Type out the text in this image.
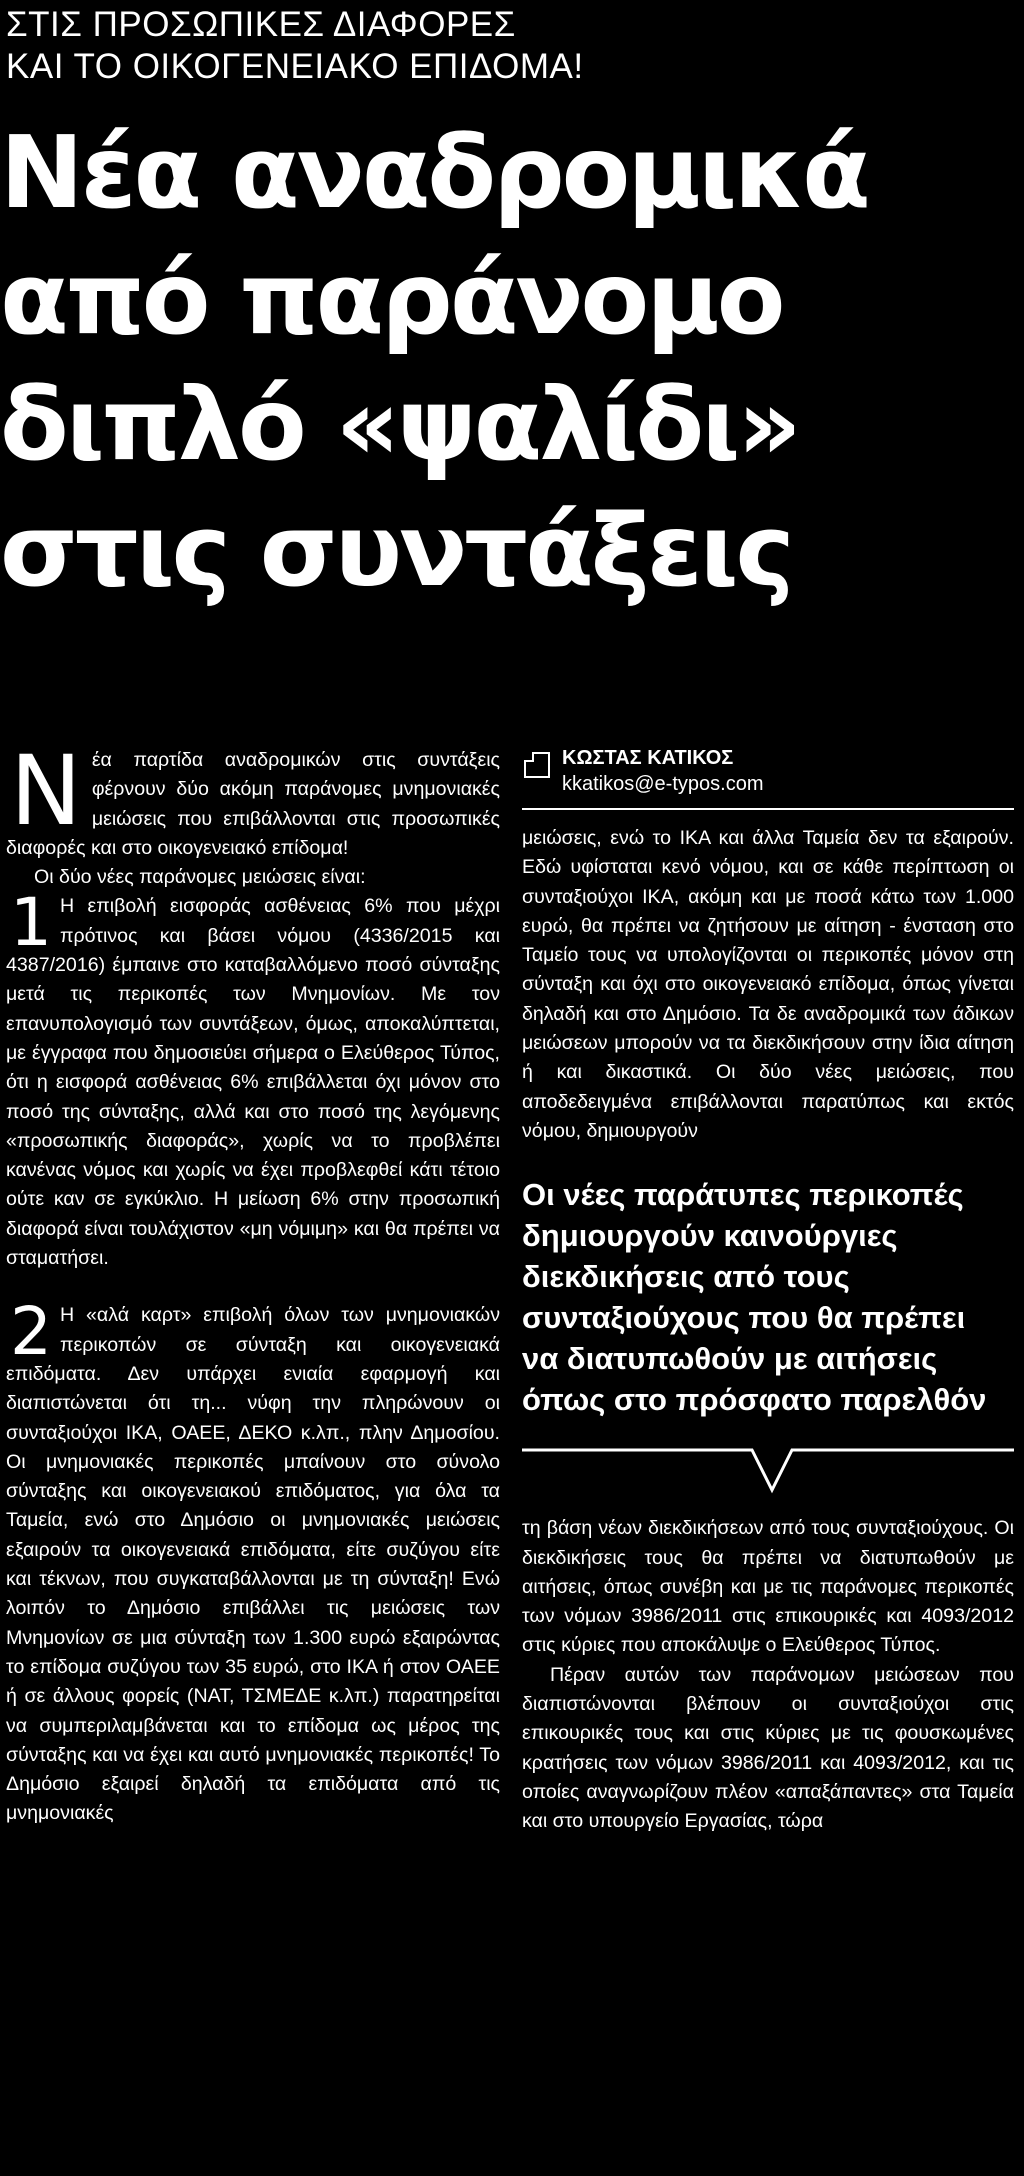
ΣΤΙΣ ΠΡΟΣΩΠΙΚΕΣ ΔΙΑΦΟΡΕΣ
ΚΑΙ ΤΟ ΟΙΚΟΓΕΝΕΙΑΚΟ ΕΠΙΔΟΜΑ!
Νέα αναδρομικά
από παράνομο
διπλό «ψαλίδι»
στις συντάξεις

Ν έα παρτίδα αναδρομικών στις συντάξεις φέρνουν δύο ακόμη παράνομες μνημονιακές μειώσεις που επιβάλλονται στις προσωπικές διαφορές και στο οικογενειακό επίδομα!

Οι δύο νέες παράνομες μειώσεις είναι:

1 Η επιβολή εισφοράς ασθένειας 6% που μέχρι πρότινος και βάσει νόμου (4336/2015 και 4387/2016) έμπαινε στο καταβαλλόμενο ποσό σύνταξης μετά τις περικοπές των Μνημονίων. Με τον επανυπολογισμό των συντάξεων, όμως, αποκαλύπτεται, με έγγραφα που δημοσιεύει σήμερα ο Ελεύθερος Τύπος, ότι η εισφορά ασθένειας 6% επιβάλλεται όχι μόνον στο ποσό της σύνταξης, αλλά και στο ποσό της λεγόμενης «προσωπικής διαφοράς», χωρίς να το προβλέπει κανένας νόμος και χωρίς να έχει προβλεφθεί κάτι τέτοιο ούτε καν σε εγκύκλιο. Η μείωση 6% στην προσωπική διαφορά είναι τουλάχιστον «μη νόμιμη» και θα πρέπει να σταματήσει.

2 Η «αλά καρτ» επιβολή όλων των μνημονιακών περικοπών σε σύνταξη και οικογενειακά επιδόματα. Δεν υπάρχει ενιαία εφαρμογή και διαπιστώνεται ότι τη... νύφη την πληρώνουν οι συνταξιούχοι ΙΚΑ, ΟΑΕΕ, ΔΕΚΟ κ.λπ., πλην Δημοσίου. Οι μνημονιακές περικοπές μπαίνουν στο σύνολο σύνταξης και οικογενειακού επιδόματος, για όλα τα Ταμεία, ενώ στο Δημόσιο οι μνημονιακές μειώσεις εξαιρούν τα οικογενειακά επιδόματα, είτε συζύγου είτε και τέκνων, που συγκαταβάλλονται με τη σύνταξη! Ενώ λοιπόν το Δημόσιο επιβάλλει τις μειώσεις των Μνημονίων σε μια σύνταξη των 1.300 ευρώ εξαιρώντας το επίδομα συζύγου των 35 ευρώ, στο ΙΚΑ ή στον ΟΑΕΕ ή σε άλλους φορείς (ΝΑΤ, ΤΣΜΕΔΕ κ.λπ.) παρατηρείται να συμπεριλαμβάνεται και το επίδομα ως μέρος της σύνταξης και να έχει και αυτό μνημονιακές περικοπές! Το Δημόσιο εξαιρεί δηλαδή τα επιδόματα από τις μνημονιακές

ΚΩΣΤΑΣ ΚΑΤΙΚΟΣ
kkatikos@e-typos.com

μειώσεις, ενώ το ΙΚΑ και άλλα Ταμεία δεν τα εξαιρούν. Εδώ υφίσταται κενό νόμου, και σε κάθε περίπτωση οι συνταξιούχοι ΙΚΑ, ακόμη και με ποσά κάτω των 1.000 ευρώ, θα πρέπει να ζητήσουν με αίτηση - ένσταση στο Ταμείο τους να υπολογίζονται οι περικοπές μόνον στη σύνταξη και όχι στο οικογενειακό επίδομα, όπως γίνεται δηλαδή και στο Δημόσιο. Τα δε αναδρομικά των άδικων μειώσεων μπορούν να τα διεκδικήσουν στην ίδια αίτηση ή και δικαστικά. Οι δύο νέες μειώσεις, που αποδεδειγμένα επιβάλλονται παρατύπως και εκτός νόμου, δημιουργούν

Οι νέες παράτυπες περικοπές δημιουργούν καινούργιες διεκδικήσεις από τους συνταξιούχους που θα πρέπει να διατυπωθούν με αιτήσεις όπως στο πρόσφατο παρελθόν

τη βάση νέων διεκδικήσεων από τους συνταξιούχους. Οι διεκδικήσεις τους θα πρέπει να διατυπωθούν με αιτήσεις, όπως συνέβη και με τις παράνομες περικοπές των νόμων 3986/2011 στις επικουρικές και 4093/2012 στις κύριες που αποκάλυψε ο Ελεύθερος Τύπος.

Πέραν αυτών των παράνομων μειώσεων που διαπιστώνονται βλέπουν οι συνταξιούχοι στις επικουρικές τους και στις κύριες με τις φουσκωμένες κρατήσεις των νόμων 3986/2011 και 4093/2012, και τις οποίες αναγνωρίζουν πλέον «απαξάπαντες» στα Ταμεία και στο υπουργείο Εργασίας, τώρα
